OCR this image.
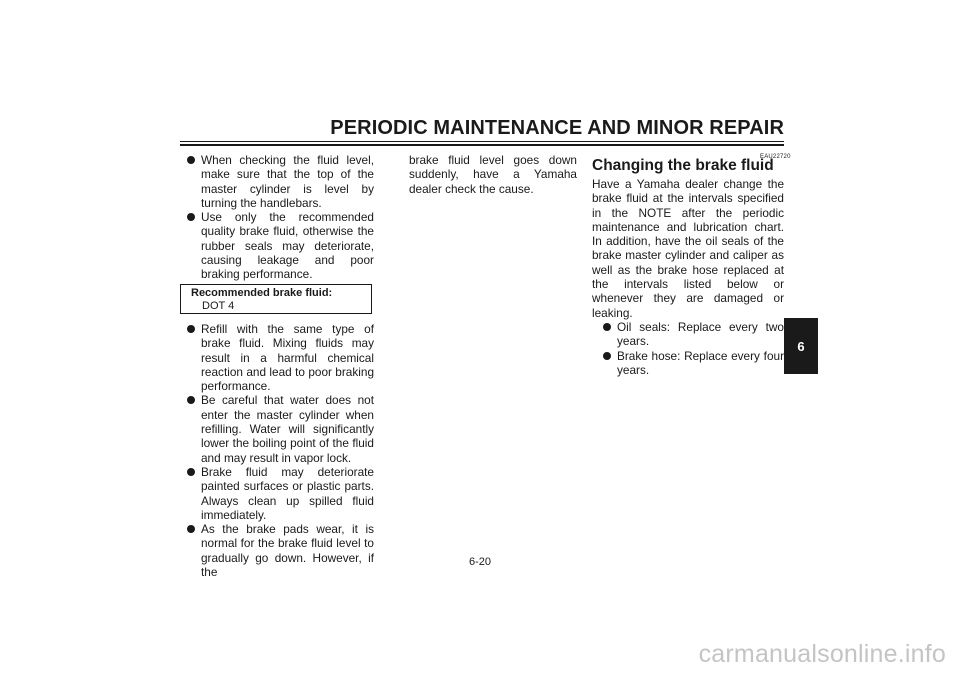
PERIODIC MAINTENANCE AND MINOR REPAIR
When checking the fluid level, make sure that the top of the master cylinder is level by turning the handlebars.
Use only the recommended quality brake fluid, otherwise the rubber seals may deteriorate, causing leakage and poor braking performance.
Recommended brake fluid:
DOT 4
Refill with the same type of brake fluid. Mixing fluids may result in a harmful chemical reaction and lead to poor braking performance.
Be careful that water does not enter the master cylinder when refilling. Water will significantly lower the boiling point of the fluid and may result in vapor lock.
Brake fluid may deteriorate painted surfaces or plastic parts. Always clean up spilled fluid immediately.
As the brake pads wear, it is normal for the brake fluid level to gradually go down. However, if the
brake fluid level goes down suddenly, have a Yamaha dealer check the cause.
EAU22720
Changing the brake fluid
Have a Yamaha dealer change the brake fluid at the intervals specified in the NOTE after the periodic maintenance and lubrication chart. In addition, have the oil seals of the brake master cylinder and caliper as well as the brake hose replaced at the intervals listed below or whenever they are damaged or leaking.
Oil seals: Replace every two years.
Brake hose: Replace every four years.
6
6-20
carmanualsonline.info
